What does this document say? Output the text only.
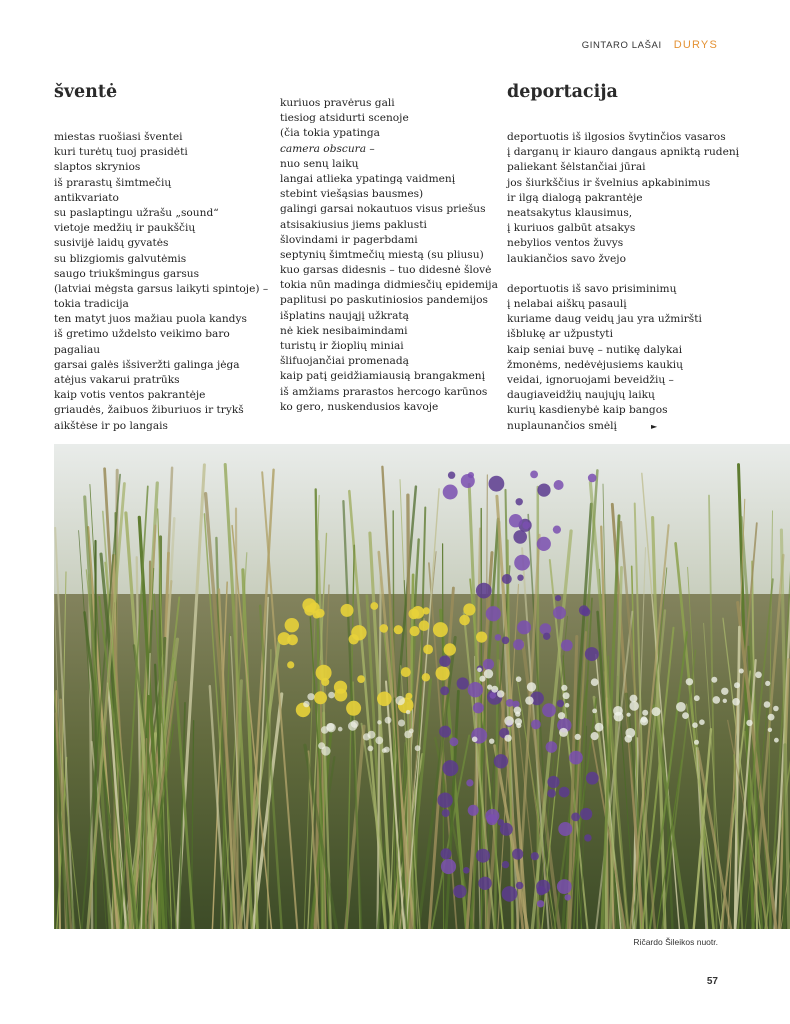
GINTARO LAŠAI DURYS
šventė
miestas ruošiasi šventei
kuri turėtų tuoj prasidėti
slaptos skrynios
iš prarastų šimtmečių
antikvariato
su paslaptingu užrašu „sound“
vietoje medžių ir paukščių
susivijė laidų gyvatės
su blizgiomis galvutėmis
saugo triukšmingus garsus
(latviai mėgsta garsus laikyti spintoje) –
tokia tradicija
ten matyt juos mažiau puola kandys
iš gretimo uždelsto veikimo baro
pagaliau
garsai galės išsiveržti galinga jėga
atėjus vakarui pratrūks
kaip votis ventos pakrantėje
griaudės, žaibuos žiburiuos ir trykš
aikštėse ir po langais
kuriuos pravėrus gali
tiesiog atsidurti scenoje
(čia tokia ypatinga
camera obscura –
nuo senų laikų
langai atlieka ypatingą vaidmenį
stebint viešąsias bausmes)
galingi garsai nokautuos visus priešus
atsisakiusius jiems paklusti
šlovindami ir pagerbdami
septynių šimtmečių miestą (su pliusu)
kuo garsas didesnis – tuo didesnė šlovė
tokia nūn madinga didmiesčių epidemija
paplitusi po paskutiniosios pandemijos
išplatins naująjį užkratą
nė kiek nesibaimindami
turistų ir žioplių miniai
šlifuojančiai promenadą
kaip patį geidžiamiausią brangakmenį
iš amžiams prarastos hercogo karūnos
ko gero, nuskendusios kavoje
deportacija
deportuotis iš ilgosios švytinčios vasaros
į darganų ir kiauro dangaus apniktą rudenį
paliekant šėlstančiai jūrai
jos šiurkščius ir švelnius apkabinimus
ir ilgą dialogą pakrantėje
neatsakytus klausimus,
į kuriuos galbūt atsakys
nebylios ventos žuvys
laukiančios savo žvejo
deportuotis iš savo prisiminimų
į nelabai aiškų pasaulį
kuriame daug veidų jau yra užmiršti
išblukę ar užpustyti
kaip seniai buvę – nutikę dalykai
žmonėms, nedėvėjusiems kaukių
veidai, ignoruojami beveidžių –
daugiaveidžių naujųjų laikų
kurių kasdienybė kaip bangos
nuplaunančios smėlį	►
Ričardo Šileikos nuotr.
57
